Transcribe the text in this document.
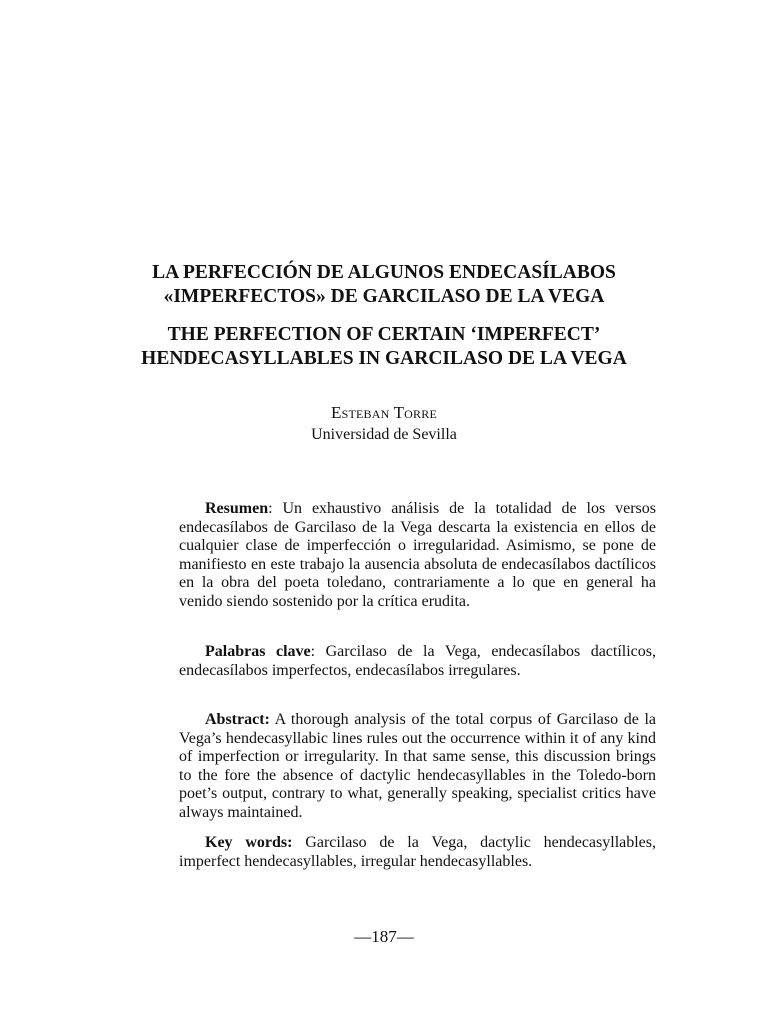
LA PERFECCIÓN DE ALGUNOS ENDECASÍLABOS
«IMPERFECTOS» DE GARCILASO DE LA VEGA
THE PERFECTION OF CERTAIN ‘IMPERFECT’
HENDECASYLLABLES IN GARCILASO DE LA VEGA
Esteban Torre
Universidad de Sevilla

Resumen: Un exhaustivo análisis de la totalidad de los versos endecasílabos de Garcilaso de la Vega descarta la existencia en ellos de cualquier clase de imperfección o irregularidad. Asimismo, se pone de manifiesto en este trabajo la ausencia absoluta de endecasílabos dactílicos en la obra del poeta toledano, contrariamente a lo que en general ha venido siendo sostenido por la crítica erudita.

Palabras clave: Garcilaso de la Vega, endecasílabos dactílicos, endecasílabos imperfectos, endecasílabos irregulares.

Abstract: A thorough analysis of the total corpus of Garcilaso de la Vega’s hendecasyllabic lines rules out the occurrence within it of any kind of imperfection or irregularity. In that same sense, this discussion brings to the fore the absence of dactylic hendecasyllables in the Toledo-born poet’s output, contrary to what, generally speaking, specialist critics have always maintained.

Key words: Garcilaso de la Vega, dactylic hendecasyllables, imperfect hendecasyllables, irregular hendecasyllables.

—187—
